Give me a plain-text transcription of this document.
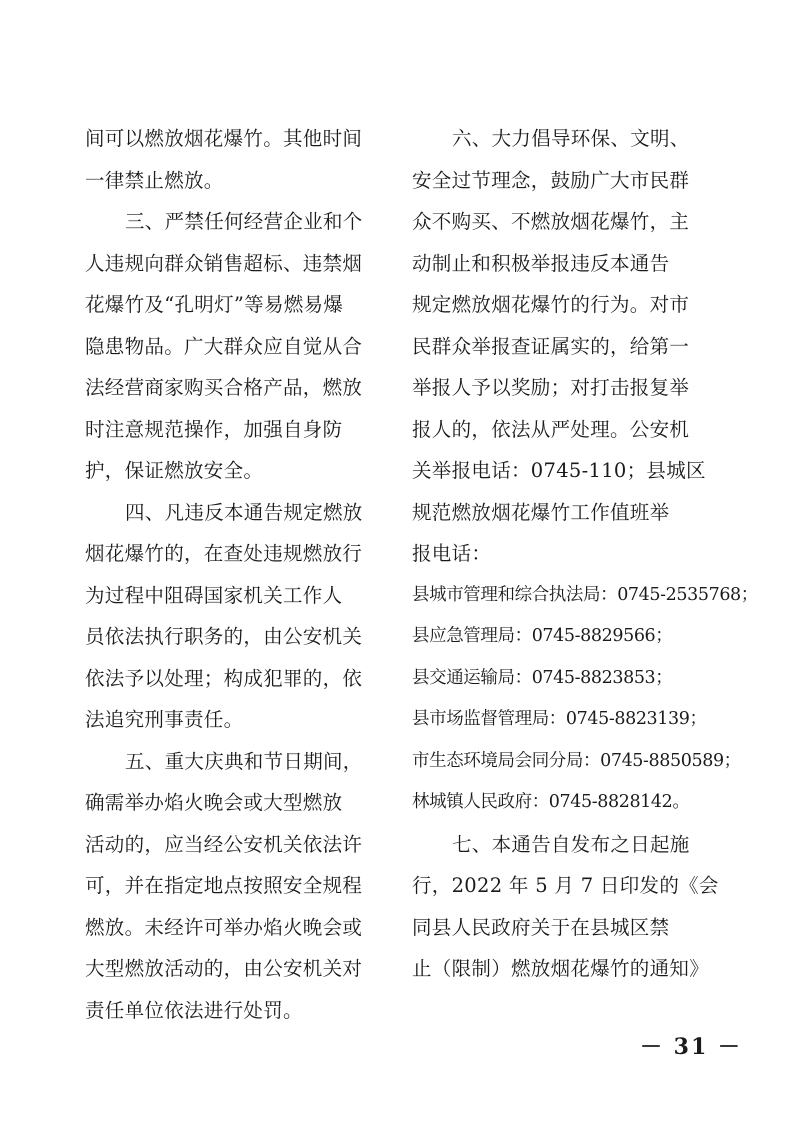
间可以燃放烟花爆竹。其他时间
一律禁止燃放。
三、严禁任何经营企业和个
人违规向群众销售超标、违禁烟
花爆竹及“孔明灯”等易燃易爆
隐患物品。广大群众应自觉从合
法经营商家购买合格产品，燃放
时注意规范操作，加强自身防
护，保证燃放安全。
四、凡违反本通告规定燃放
烟花爆竹的，在查处违规燃放行
为过程中阻碍国家机关工作人
员依法执行职务的，由公安机关
依法予以处理；构成犯罪的，依
法追究刑事责任。
五、重大庆典和节日期间，
确需举办焰火晚会或大型燃放
活动的，应当经公安机关依法许
可，并在指定地点按照安全规程
燃放。未经许可举办焰火晚会或
大型燃放活动的，由公安机关对
责任单位依法进行处罚。
六、大力倡导环保、文明、
安全过节理念，鼓励广大市民群
众不购买、不燃放烟花爆竹，主
动制止和积极举报违反本通告
规定燃放烟花爆竹的行为。对市
民群众举报查证属实的，给第一
举报人予以奖励；对打击报复举
报人的，依法从严处理。公安机
关举报电话：0745-110；县城区
规范燃放烟花爆竹工作值班举
报电话：
县城市管理和综合执法局：0745-2535768；
县应急管理局：0745-8829566；
县交通运输局：0745-8823853；
县市场监督管理局：0745-8823139；
市生态环境局会同分局：0745-8850589；
林城镇人民政府：0745-8828142。
七、本通告自发布之日起施
行，2022 年 5 月 7 日印发的《会
同县人民政府关于在县城区禁
止（限制）燃放烟花爆竹的通知》
－ 31 －
